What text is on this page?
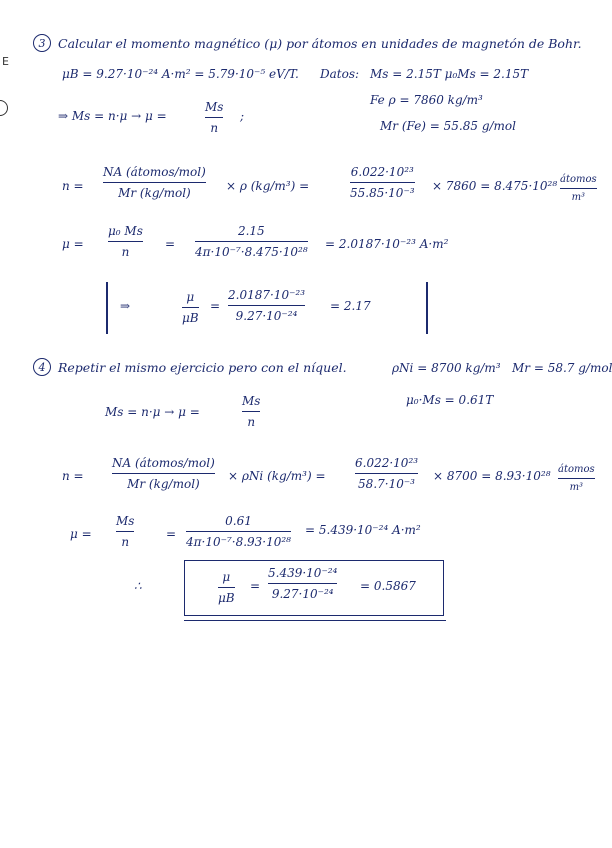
E
3	Calcular el momento magnético (μ) por átomos en unidades de magnetón de Bohr.
μB = 9.27·10⁻²⁴ A·m² = 5.79·10⁻⁵ eV/T. Datos: Ms = 2.15T μ₀Ms = 2.15T
Fe ρ = 7860 kg/m³
Mr (Fe) = 55.85 g/mol
⇒ Ms = n·μ → μ =
Ms
n
;
n =
NA (átomos/mol)
Mr (kg/mol)	× ρ (kg/m³) =
6.022·10²³
55.85·10⁻³ × 7860 = 8.475·10²⁸ átomos
m³
μ =
μ₀ Ms
n
=
2.15
4π·10⁻⁷·8.475·10²⁸
= 2.0187·10⁻²³ A·m²
⇒
μ
μB
=
2.0187·10⁻²³
9.27·10⁻²⁴
= 2.17
4	Repetir el mismo ejercicio pero con el níquel.	ρNi = 8700 kg/m³ Mr = 58.7 g/mol
μ₀·Ms = 0.61T
Ms = n·μ → μ =
Ms
n
n =
NA (átomos/mol)
Mr (kg/mol)
× ρNi (kg/m³) =
6.022·10²³
58.7·10⁻³
× 8700 = 8.93·10²⁸ átomos
m³
μ =
Ms
n
=
0.61
4π·10⁻⁷·8.93·10²⁸
= 5.439·10⁻²⁴ A·m²
∴
μ
μB
=
5.439·10⁻²⁴
9.27·10⁻²⁴
= 0.5867
